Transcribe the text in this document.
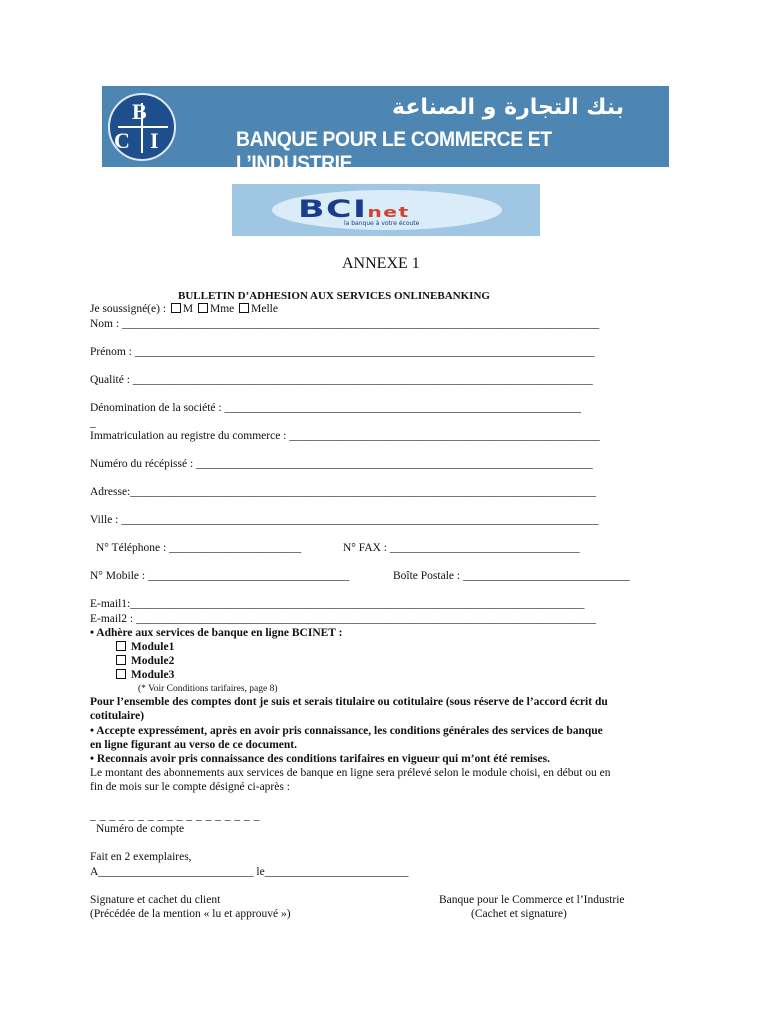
B
C I
بنك التجارة و الصناعة
BANQUE POUR LE COMMERCE ET L’INDUSTRIE
BCInet
la banque à votre écoute
ANNEXE 1
BULLETIN D’ADHESION AUX SERVICES ONLINEBANKING
Je soussigné(e) : M Mme Melle
Nom : ___________________________________________________________________________________
Prénom : ________________________________________________________________________________
Qualité : ________________________________________________________________________________
Dénomination de la société : ______________________________________________________________
_
Immatriculation au registre du commerce : ______________________________________________________
Numéro du récépissé : _____________________________________________________________________
Adresse:_________________________________________________________________________________
Ville : ___________________________________________________________________________________
N° Téléphone : _______________________	N° FAX : _________________________________
N° Mobile : ___________________________________	Boîte Postale : _____________________________
E-mail1:_______________________________________________________________________________
E-mail2 : ________________________________________________________________________________
• Adhère aux services de banque en ligne BCINET :
Module1
Module2
Module3
(* Voir Conditions tarifaires, page 8)
Pour l’ensemble des comptes dont je suis et serais titulaire ou cotitulaire (sous réserve de l’accord écrit du
cotitulaire)
• Accepte expressément, après en avoir pris connaissance, les conditions générales des services de banque
en ligne figurant au verso de ce document.
• Reconnais avoir pris connaissance des conditions tarifaires en vigueur qui m’ont été remises.
Le montant des abonnements aux services de banque en ligne sera prélevé selon le module choisi, en début ou en
fin de mois sur le compte désigné ci-après :
_ _ _ _ _ _ _ _ _ _ _ _ _ _ _ _ _ _
Numéro de compte
Fait en 2 exemplaires,
A___________________________ le_________________________
Signature et cachet du client
(Précédée de la mention « lu et approuvé »)
Banque pour le Commerce et l’Industrie
(Cachet et signature)
